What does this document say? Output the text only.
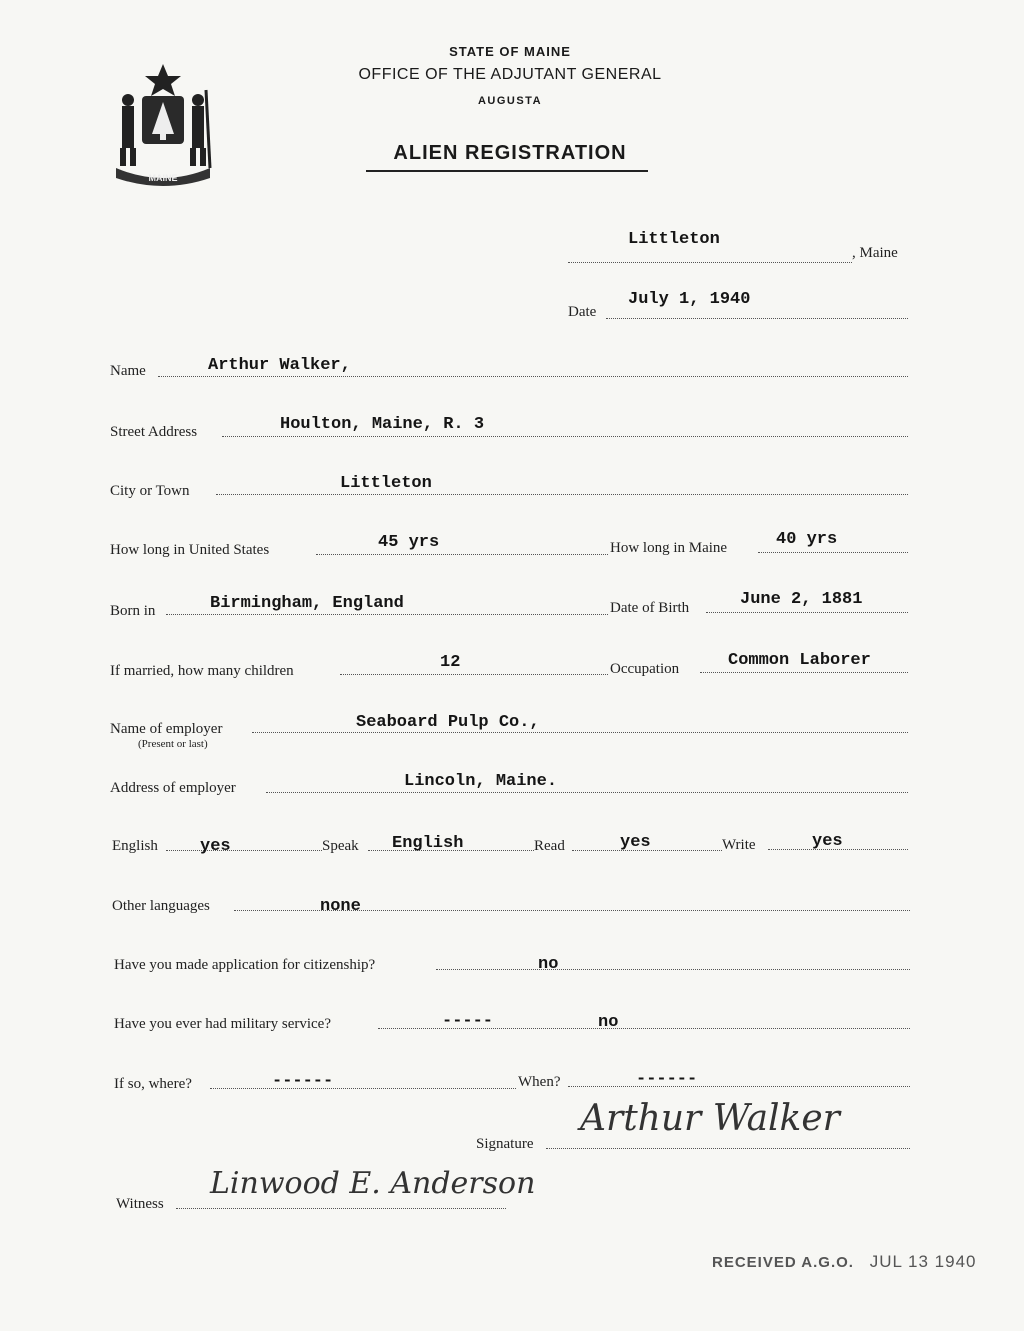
MAINE
STATE OF MAINE
OFFICE OF THE ADJUTANT GENERAL
AUGUSTA
ALIEN REGISTRATION
Littleton
, Maine
Date
July 1, 1940
Name	Arthur Walker,
Street Address	Houlton, Maine, R. 3
City or Town	Littleton
How long in United States	45 yrs	How long in Maine	40 yrs
Born in	Birmingham, England	Date of Birth	June 2, 1881
If married, how many children	12	Occupation	Common Laborer
Name of employer
(Present or last)
Seaboard Pulp Co.,
Address of employer	Lincoln, Maine.
English yes	Speak English	Read	yes	Write	yes
Other languages	none
Have you made application for citizenship?	no
Have you ever had military service?	-----	no
If so, where?	------	When?	------
Signature
Arthur Walker
Witness
Linwood E. Anderson
RECEIVED A.G.O. JUL 13 1940
